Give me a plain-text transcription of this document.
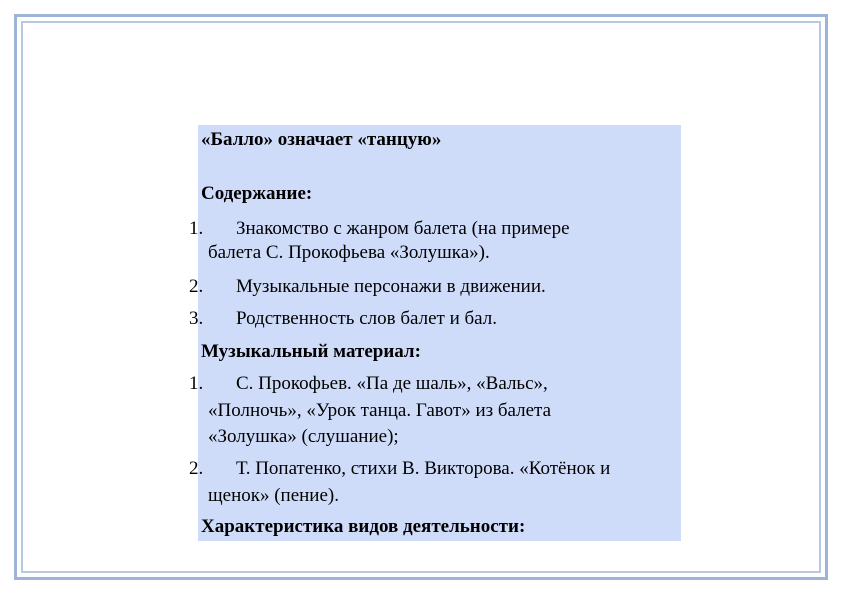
«Балло» означает «танцую»
Содержание:
1. Знакомство с жанром балета (на примере
балета С. Прокофьева «Золушка»).
2. Музыкальные персонажи в движении.
3. Родственность слов балет и бал.
Музыкальный материал:
1. С. Прокофьев. «Па де шаль», «Вальс»,
«Полночь», «Урок танца. Гавот» из балета
«Золушка» (слушание);
2. Т. Попатенко, стихи В. Викторова. «Котёнок и
щенок» (пение).
Характеристика видов деятельности:
